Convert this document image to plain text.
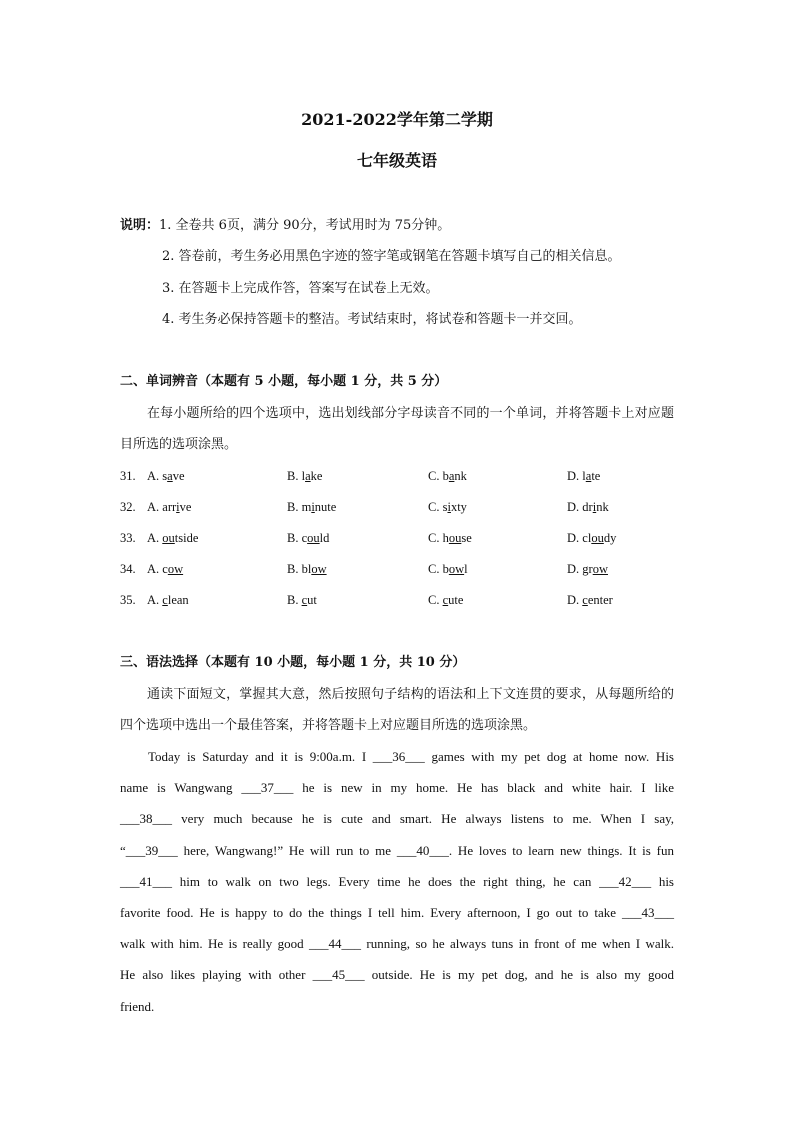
2021-2022学年第二学期
七年级英语
说明：1. 全卷共 6页，满分 90分，考试用时为 75分钟。
2. 答卷前，考生务必用黑色字迹的签字笔或钢笔在答题卡填写自己的相关信息。
3. 在答题卡上完成作答，答案写在试卷上无效。
4. 考生务必保持答题卡的整洁。考试结束时，将试卷和答题卡一并交回。
二、单词辨音（本题有 5 小题，每小题 1 分，共 5 分）
在每小题所给的四个选项中，选出划线部分字母读音不同的一个单词，并将答题卡上对应题目所选的选项涂黑。
31. A. save	B. lake	C. bank	D. late
32. A. arrive	B. minute	C. sixty	D. drink
33. A. outside	B. could	C. house	D. cloudy
34. A. cow	B. blow	C. bowl	D. grow
35. A. clean	B. cut	C. cute	D. center
三、语法选择（本题有 10 小题，每小题 1 分，共 10 分）
通读下面短文，掌握其大意，然后按照句子结构的语法和上下文连贯的要求，从每题所给的四个选项中选出一个最佳答案，并将答题卡上对应题目所选的选项涂黑。

Today is Saturday and it is 9:00a.m. I ___36___ games with my pet dog at home now. His

name is Wangwang ___37___ he is new in my home. He has black and white hair. I like

___38___ very much because he is cute and smart. He always listens to me. When I say,

“___39___ here, Wangwang!” He will run to me ___40___. He loves to learn new things. It is fun

___41___ him to walk on two legs. Every time he does the right thing, he can ___42___ his

favorite food. He is happy to do the things I tell him. Every afternoon, I go out to take ___43___

walk with him. He is really good ___44___ running, so he always tuns in front of me when I walk.

He also likes playing with other ___45___ outside. He is my pet dog, and he is also my good

friend.
